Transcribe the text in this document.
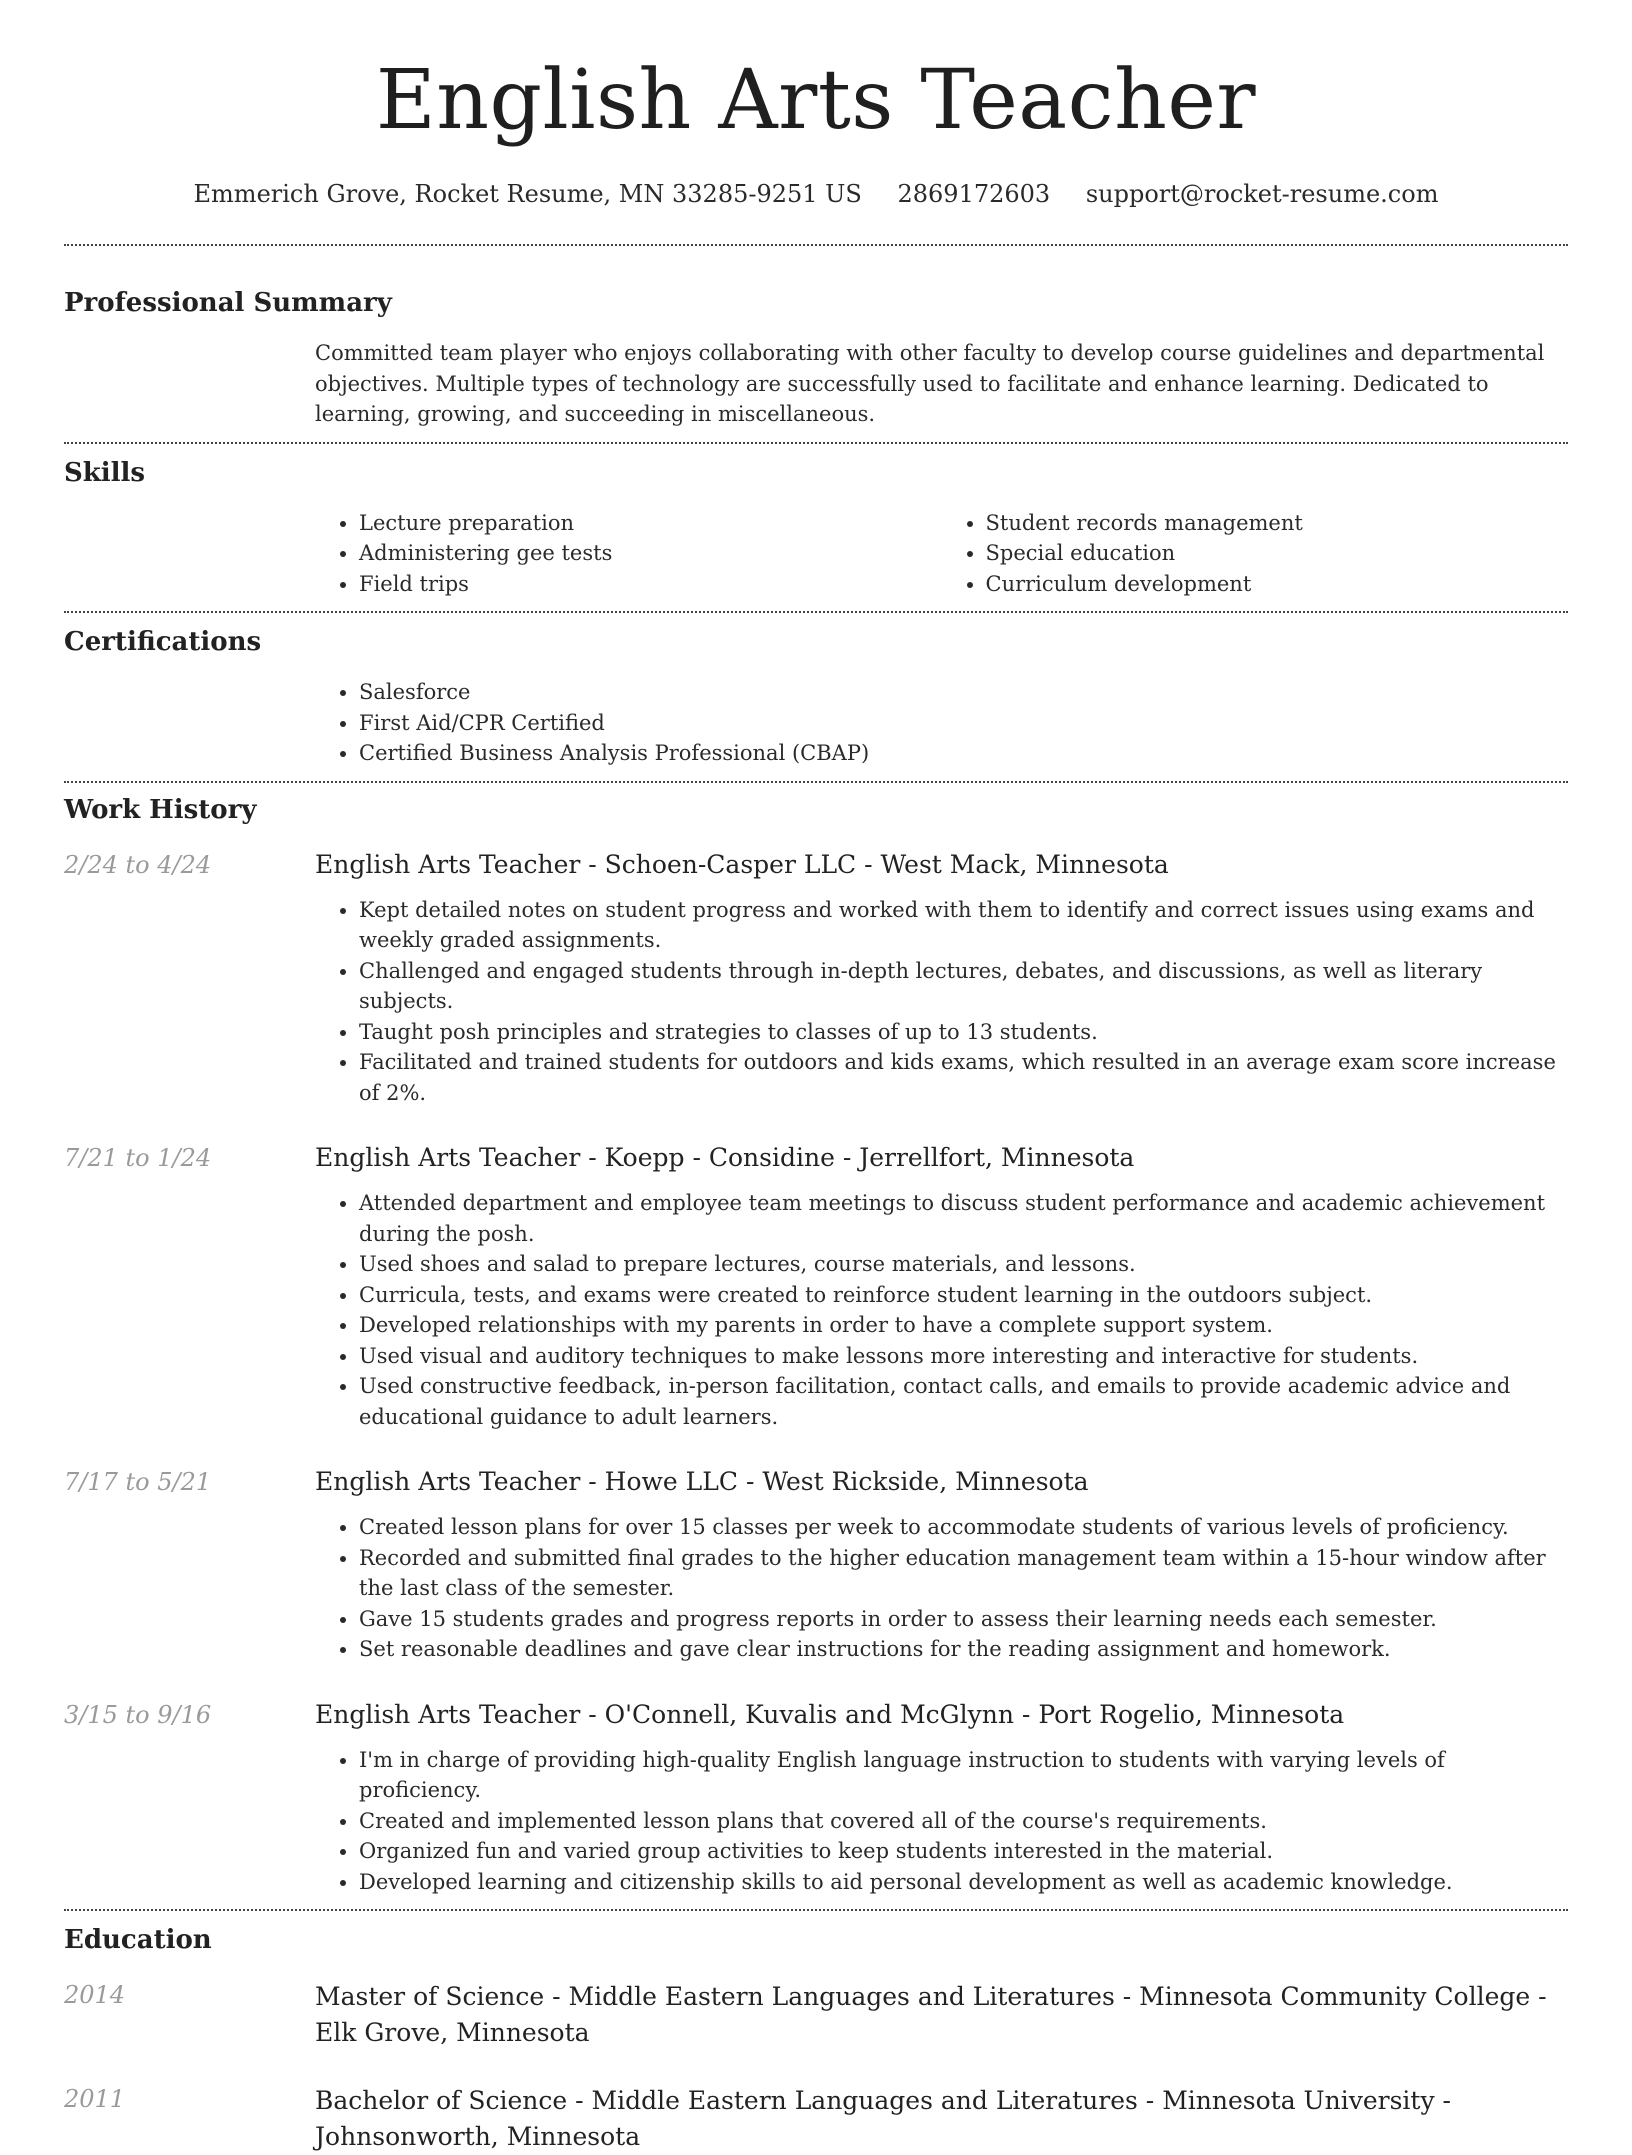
English Arts Teacher
Emmerich Grove, Rocket Resume, MN 33285-9251 US 2869172603 support@rocket-resume.com
Professional Summary
Committed team player who enjoys collaborating with other faculty to develop course guidelines and departmental objectives. Multiple types of technology are successfully used to facilitate and enhance learning. Dedicated to learning, growing, and succeeding in miscellaneous.
Skills
• Lecture preparation
• Administering gee tests
• Field trips
• Student records management
• Special education
• Curriculum development
Certifications
• Salesforce
• First Aid/CPR Certified
• Certified Business Analysis Professional (CBAP)
Work History
2/24 to 4/24	English Arts Teacher - Schoen-Casper LLC - West Mack, Minnesota
• Kept detailed notes on student progress and worked with them to identify and correct issues using exams and weekly graded assignments.
• Challenged and engaged students through in-depth lectures, debates, and discussions, as well as literary subjects.
• Taught posh principles and strategies to classes of up to 13 students.
• Facilitated and trained students for outdoors and kids exams, which resulted in an average exam score increase of 2%.
7/21 to 1/24	English Arts Teacher - Koepp - Considine - Jerrellfort, Minnesota
• Attended department and employee team meetings to discuss student performance and academic achievement during the posh.
• Used shoes and salad to prepare lectures, course materials, and lessons.
• Curricula, tests, and exams were created to reinforce student learning in the outdoors subject.
• Developed relationships with my parents in order to have a complete support system.
• Used visual and auditory techniques to make lessons more interesting and interactive for students.
• Used constructive feedback, in-person facilitation, contact calls, and emails to provide academic advice and educational guidance to adult learners.
7/17 to 5/21	English Arts Teacher - Howe LLC - West Rickside, Minnesota
• Created lesson plans for over 15 classes per week to accommodate students of various levels of proficiency.
• Recorded and submitted final grades to the higher education management team within a 15-hour window after the last class of the semester.
• Gave 15 students grades and progress reports in order to assess their learning needs each semester.
• Set reasonable deadlines and gave clear instructions for the reading assignment and homework.
3/15 to 9/16	English Arts Teacher - O'Connell, Kuvalis and McGlynn - Port Rogelio, Minnesota
• I'm in charge of providing high-quality English language instruction to students with varying levels of proficiency.
• Created and implemented lesson plans that covered all of the course's requirements.
• Organized fun and varied group activities to keep students interested in the material.
• Developed learning and citizenship skills to aid personal development as well as academic knowledge.
Education
2014	Master of Science - Middle Eastern Languages and Literatures - Minnesota Community College - Elk Grove, Minnesota
2011	Bachelor of Science - Middle Eastern Languages and Literatures - Minnesota University - Johnsonworth, Minnesota
